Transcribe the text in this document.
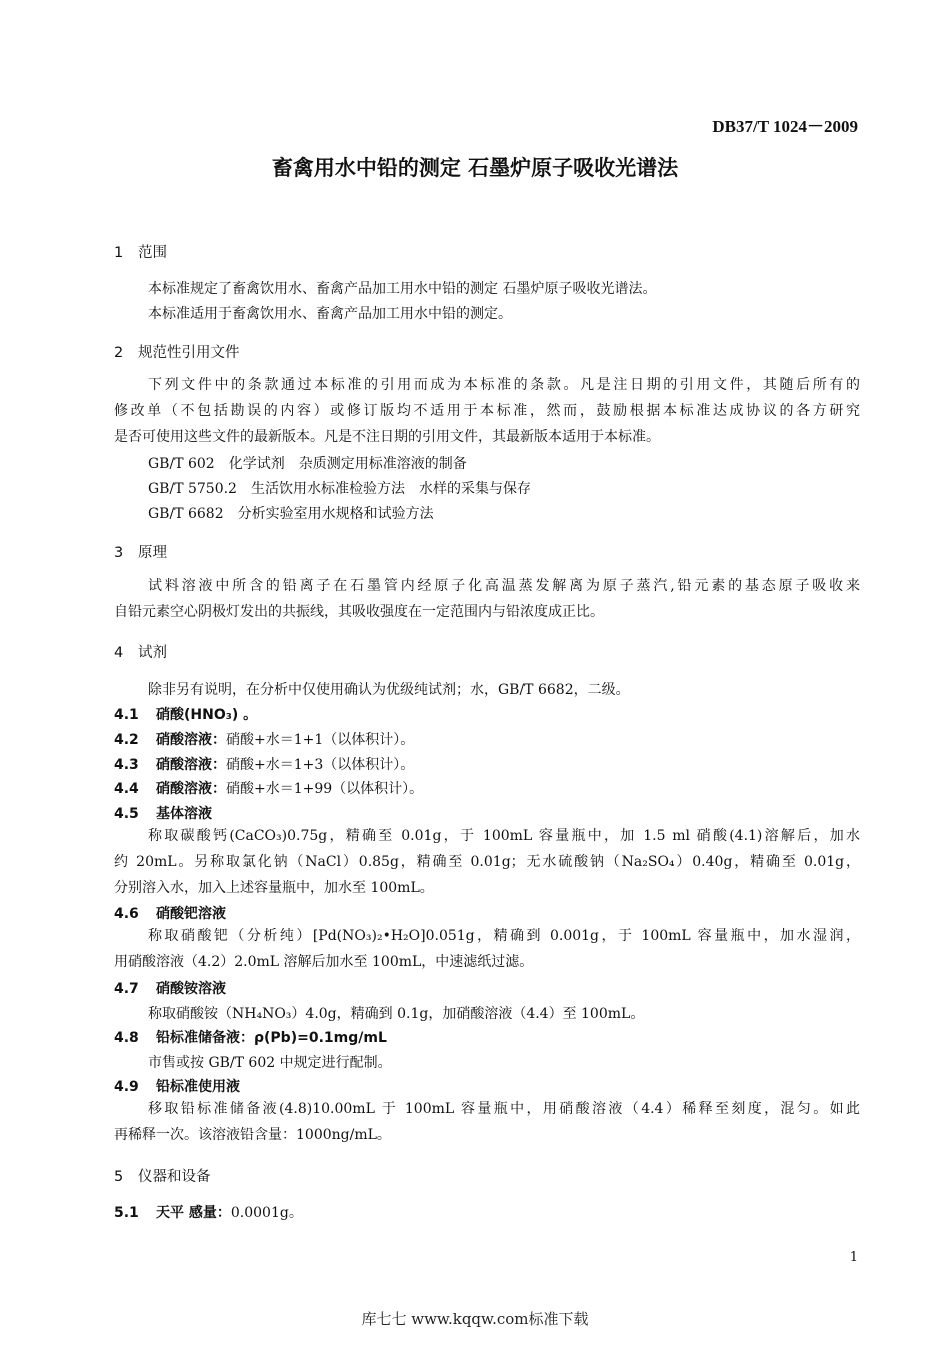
DB37/T 1024－2009
畜禽用水中铅的测定 石墨炉原子吸收光谱法
1 范围
本标准规定了畜禽饮用水、畜禽产品加工用水中铅的测定 石墨炉原子吸收光谱法。
本标准适用于畜禽饮用水、畜禽产品加工用水中铅的测定。
2 规范性引用文件

下列文件中的条款通过本标准的引用而成为本标准的条款。凡是注日期的引用文件，其随后所有的

修改单（不包括勘误的内容）或修订版均不适用于本标准，然而，鼓励根据本标准达成协议的各方研究

是否可使用这些文件的最新版本。凡是不注日期的引用文件，其最新版本适用于本标准。

GB/T 602　化学试剂　杂质测定用标准溶液的制备
GB/T 5750.2　生活饮用水标准检验方法　水样的采集与保存
GB/T 6682　分析实验室用水规格和试验方法
3 原理

试料溶液中所含的铅离子在石墨管内经原子化高温蒸发解离为原子蒸汽,铅元素的基态原子吸收来

自铅元素空心阴极灯发出的共振线，其吸收强度在一定范围内与铅浓度成正比。

4 试剂
除非另有说明，在分析中仅使用确认为优级纯试剂；水，GB/T 6682，二级。
4.1 硝酸(HNO₃) 。
4.2 硝酸溶液：硝酸+水＝1+1（以体积计）。
4.3 硝酸溶液：硝酸+水＝1+3（以体积计）。
4.4 硝酸溶液：硝酸+水＝1+99（以体积计）。
4.5 基体溶液

称取碳酸钙(CaCO₃)0.75g，精确至 0.01g，于 100mL 容量瓶中，加 1.5 ml 硝酸(4.1)溶解后，加水

约 20mL。另称取氯化钠（NaCl）0.85g，精确至 0.01g；无水硫酸钠（Na₂SO₄）0.40g，精确至 0.01g，

分别溶入水，加入上述容量瓶中，加水至 100mL。

4.6 硝酸钯溶液

称取硝酸钯（分析纯）[Pd(NO₃)₂•H₂O]0.051g，精确到 0.001g，于 100mL 容量瓶中，加水湿润，

用硝酸溶液（4.2）2.0mL 溶解后加水至 100mL，中速滤纸过滤。

4.7 硝酸铵溶液
称取硝酸铵（NH₄NO₃）4.0g，精确到 0.1g，加硝酸溶液（4.4）至 100mL。
4.8 铅标准储备液：ρ(Pb)=0.1mg/mL
市售或按 GB/T 602 中规定进行配制。
4.9 铅标准使用液

移取铅标准储备液(4.8)10.00mL 于 100mL 容量瓶中，用硝酸溶液（4.4）稀释至刻度，混匀。如此

再稀释一次。该溶液铅含量：1000ng/mL。

5 仪器和设备
5.1 天平 感量：0.0001g。
1
库七七 www.kqqw.com标准下载
